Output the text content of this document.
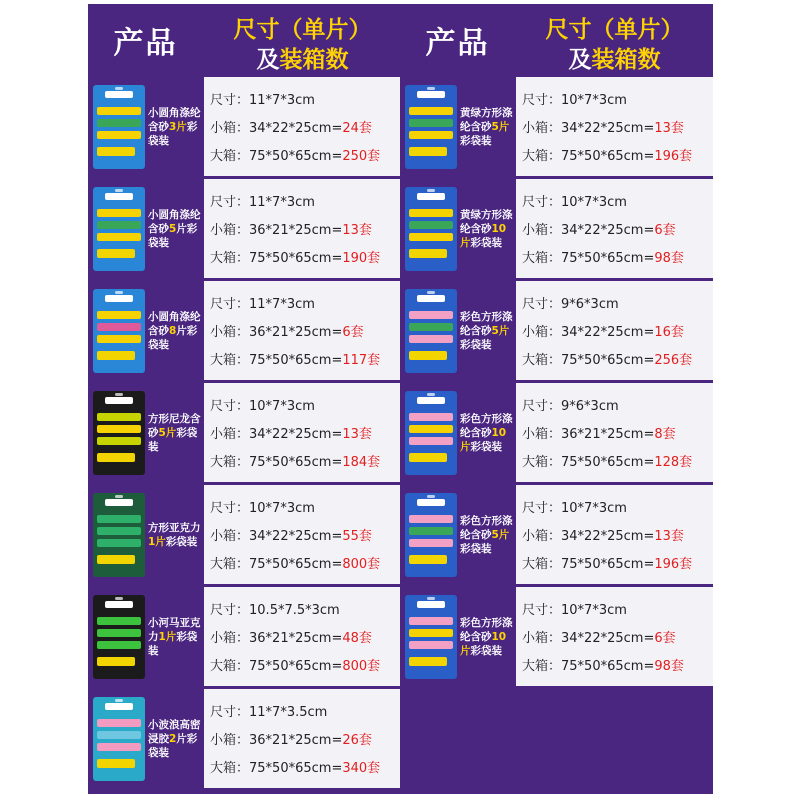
产品	尺寸（单片）
及装箱数
小圆角涤纶含砂3片彩袋装
尺寸：11*7*3cm
小箱：34*22*25cm=24套
大箱：75*50*65cm=250套
小圆角涤纶含砂5片彩袋装
尺寸：11*7*3cm
小箱：36*21*25cm=13套
大箱：75*50*65cm=190套
小圆角涤纶含砂8片彩袋装
尺寸：11*7*3cm
小箱：36*21*25cm=6套
大箱：75*50*65cm=117套
方形尼龙含砂5片彩袋装
尺寸：10*7*3cm
小箱：34*22*25cm=13套
大箱：75*50*65cm=184套
方形亚克力1片彩袋装
尺寸：10*7*3cm
小箱：34*22*25cm=55套
大箱：75*50*65cm=800套
小河马亚克力1片彩袋装
尺寸：10.5*7.5*3cm
小箱：36*21*25cm=48套
大箱：75*50*65cm=800套
小波浪高密浸胶2片彩袋装
尺寸：11*7*3.5cm
小箱：36*21*25cm=26套
大箱：75*50*65cm=340套
产品	尺寸（单片）
及装箱数
黄绿方形涤纶含砂5片彩袋装
尺寸：10*7*3cm
小箱：34*22*25cm=13套
大箱：75*50*65cm=196套
黄绿方形涤纶含砂10片彩袋装
尺寸：10*7*3cm
小箱：34*22*25cm=6套
大箱：75*50*65cm=98套
彩色方形涤纶含砂5片彩袋装
尺寸：9*6*3cm
小箱：34*22*25cm=16套
大箱：75*50*65cm=256套
彩色方形涤纶含砂10片彩袋装
尺寸：9*6*3cm
小箱：36*21*25cm=8套
大箱：75*50*65cm=128套
彩色方形涤纶含砂5片彩袋装
尺寸：10*7*3cm
小箱：34*22*25cm=13套
大箱：75*50*65cm=196套
彩色方形涤纶含砂10片彩袋装
尺寸：10*7*3cm
小箱：34*22*25cm=6套
大箱：75*50*65cm=98套
